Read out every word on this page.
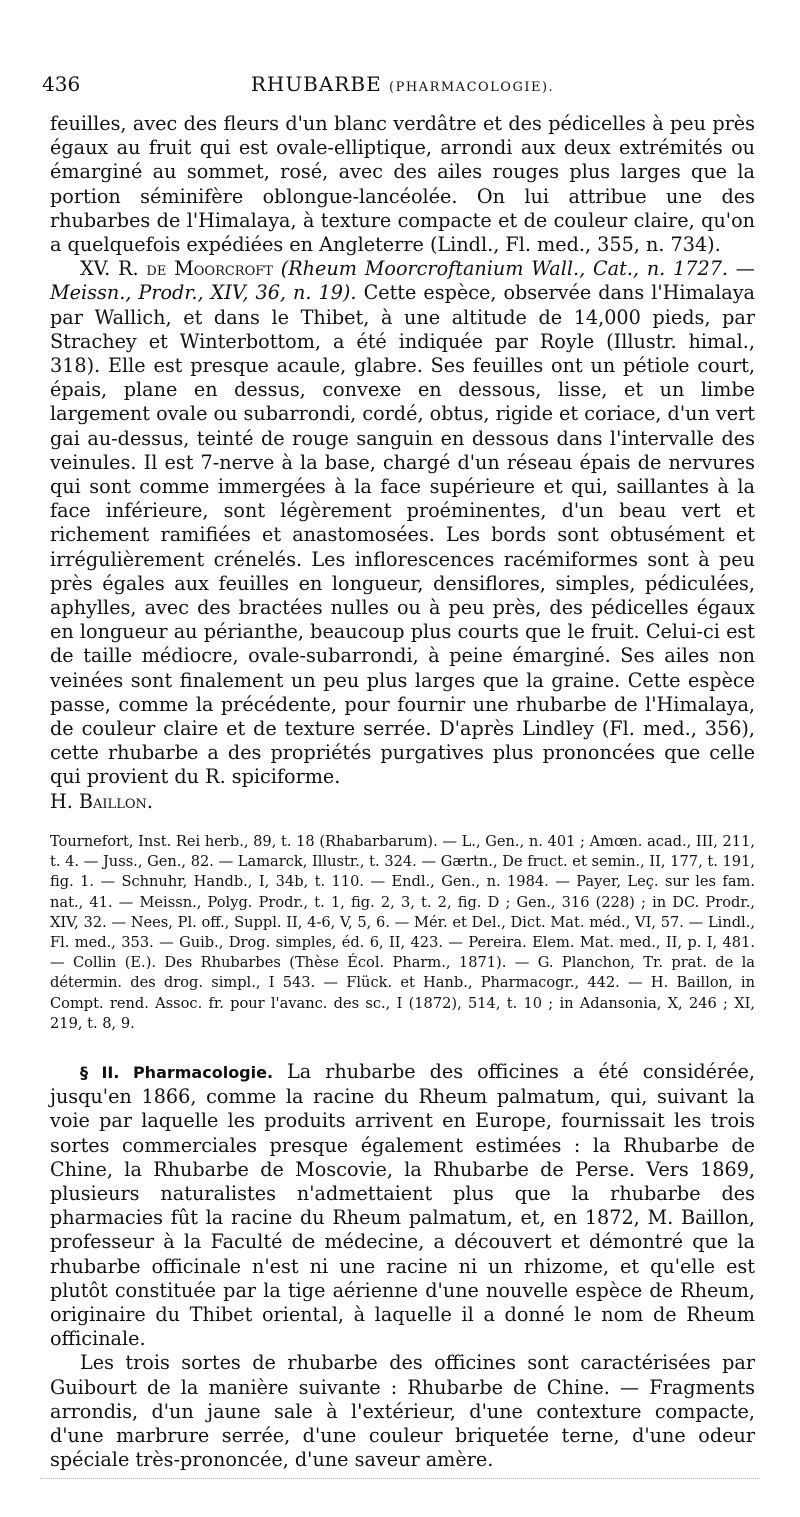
436	RHUBARBE (PHARMACOLOGIE).

feuilles, avec des fleurs d'un blanc verdâtre et des pédicelles à peu près égaux au fruit qui est ovale-elliptique, arrondi aux deux extrémités ou émarginé au sommet, rosé, avec des ailes rouges plus larges que la portion séminifère oblongue-lancéolée. On lui attribue une des rhubarbes de l'Himalaya, à texture compacte et de couleur claire, qu'on a quelquefois expédiées en Angleterre (Lindl., Fl. med., 355, n. 734).

XV. R. de Moorcroft (Rheum Moorcroftanium Wall., Cat., n. 1727. — Meissn., Prodr., XIV, 36, n. 19). Cette espèce, observée dans l'Himalaya par Wallich, et dans le Thibet, à une altitude de 14,000 pieds, par Strachey et Winterbottom, a été indiquée par Royle (Illustr. himal., 318). Elle est presque acaule, glabre. Ses feuilles ont un pétiole court, épais, plane en dessus, convexe en dessous, lisse, et un limbe largement ovale ou subarrondi, cordé, obtus, rigide et coriace, d'un vert gai au-dessus, teinté de rouge sanguin en dessous dans l'intervalle des veinules. Il est 7-nerve à la base, chargé d'un réseau épais de nervures qui sont comme immergées à la face supérieure et qui, saillantes à la face inférieure, sont légèrement proéminentes, d'un beau vert et richement ramifiées et anastomosées. Les bords sont obtusément et irrégulièrement crénelés. Les inflorescences racémiformes sont à peu près égales aux feuilles en longueur, densiflores, simples, pédiculées, aphylles, avec des bractées nulles ou à peu près, des pédicelles égaux en longueur au périanthe, beaucoup plus courts que le fruit. Celui-ci est de taille médiocre, ovale-subarrondi, à peine émarginé. Ses ailes non veinées sont finalement un peu plus larges que la graine. Cette espèce passe, comme la précédente, pour fournir une rhubarbe de l'Himalaya, de couleur claire et de texture serrée. D'après Lindley (Fl. med., 356), cette rhubarbe a des propriétés purgatives plus prononcées que celle qui provient du R. spiciforme.

H. Baillon.

Tournefort, Inst. Rei herb., 89, t. 18 (Rhabarbarum). — L., Gen., n. 401 ; Amœn. acad., III, 211, t. 4. — Juss., Gen., 82. — Lamarck, Illustr., t. 324. — Gærtn., De fruct. et semin., II, 177, t. 191, fig. 1. — Schnuhr, Handb., I, 34b, t. 110. — Endl., Gen., n. 1984. — Payer, Leç. sur les fam. nat., 41. — Meissn., Polyg. Prodr., t. 1, fig. 2, 3, t. 2, fig. D ; Gen., 316 (228) ; in DC. Prodr., XIV, 32. — Nees, Pl. off., Suppl. II, 4-6, V, 5, 6. — Mér. et Del., Dict. Mat. méd., VI, 57. — Lindl., Fl. med., 353. — Guib., Drog. simples, éd. 6, II, 423. — Pereira. Elem. Mat. med., II, p. I, 481. — Collin (E.). Des Rhubarbes (Thèse Écol. Pharm., 1871). — G. Planchon, Tr. prat. de la détermin. des drog. simpl., I 543. — Flück. et Hanb., Pharmacogr., 442. — H. Baillon, in Compt. rend. Assoc. fr. pour l'avanc. des sc., I (1872), 514, t. 10 ; in Adansonia, X, 246 ; XI, 219, t. 8, 9.

§ II. Pharmacologie. La rhubarbe des officines a été considérée, jusqu'en 1866, comme la racine du Rheum palmatum, qui, suivant la voie par laquelle les produits arrivent en Europe, fournissait les trois sortes commerciales presque également estimées : la Rhubarbe de Chine, la Rhubarbe de Moscovie, la Rhubarbe de Perse. Vers 1869, plusieurs naturalistes n'admettaient plus que la rhubarbe des pharmacies fût la racine du Rheum palmatum, et, en 1872, M. Baillon, professeur à la Faculté de médecine, a découvert et démontré que la rhubarbe officinale n'est ni une racine ni un rhizome, et qu'elle est plutôt constituée par la tige aérienne d'une nouvelle espèce de Rheum, originaire du Thibet oriental, à laquelle il a donné le nom de Rheum officinale.

Les trois sortes de rhubarbe des officines sont caractérisées par Guibourt de la manière suivante : Rhubarbe de Chine. — Fragments arrondis, d'un jaune sale à l'extérieur, d'une contexture compacte, d'une marbrure serrée, d'une couleur briquetée terne, d'une odeur spéciale très-prononcée, d'une saveur amère.
